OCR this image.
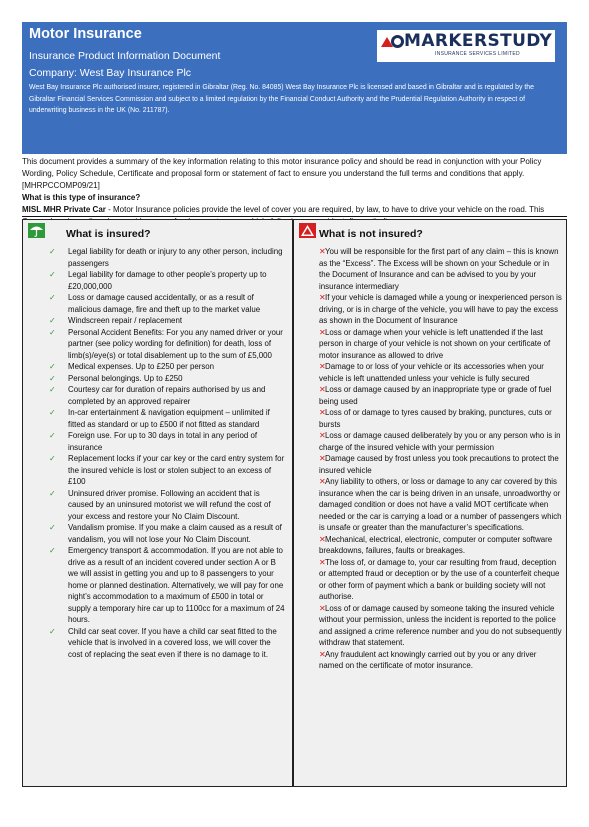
Motor Insurance
Insurance Product Information Document
Company: West Bay Insurance Plc
West Bay Insurance Plc authorised insurer, registered in Gibraltar (Reg. No. 84085) West Bay Insurance Plc is licensed and based in Gibraltar and is regulated by the Gibraltar Financial Services Commission and subject to a limited regulation by the Financial Conduct Authority and the Prudential Regulation Authority in respect of underwriting business in the UK (No. 211787).
MARKERSTUDY
INSURANCE SERVICES LIMITED

This document provides a summary of the key information relating to this motor insurance policy and should be read in conjunction with your Policy Wording, Policy Schedule, Certificate and proposal form or statement of fact to ensure you understand the full terms and conditions that apply. [MHRPCCOMP09/21]

What is this type of insurance?

MISL MHR Private Car - Motor Insurance policies provide the level of cover you are required, by law, to have to drive your vehicle on the road. This

What is insured?
✓ Legal liability for death or injury to any other person, including passengers
✓ Legal liability for damage to other people’s property up to £20,000,000
✓ Loss or damage caused accidentally, or as a result of malicious damage, fire and theft up to the market value
✓ Windscreen repair / replacement
✓ Personal Accident Benefits: For you any named driver or your partner (see policy wording for definition) for death, loss of limb(s)/eye(s) or total disablement up to the sum of £5,000
✓ Medical expenses. Up to £250 per person
✓ Personal belongings. Up to £250
✓ Courtesy car for duration of repairs authorised by us and completed by an approved repairer
✓ In-car entertainment & navigation equipment – unlimited if fitted as standard or up to £500 if not fitted as standard
✓ Foreign use. For up to 30 days in total in any period of insurance
✓ Replacement locks if your car key or the card entry system for the insured vehicle is lost or stolen subject to an excess of £100
✓ Uninsured driver promise. Following an accident that is caused by an uninsured motorist we will refund the cost of your excess and restore your No Claim Discount.
✓ Vandalism promise. If you make a claim caused as a result of vandalism, you will not lose your No Claim Discount.
✓ Emergency transport & accommodation. If you are not able to drive as a result of an incident covered under section A or B we will assist in getting you and up to 8 passengers to your home or planned destination. Alternatively, we will pay for one night’s accommodation to a maximum of £500 in total or supply a temporary hire car up to 1100cc for a maximum of 24 hours.
✓ Child car seat cover. If you have a child car seat fitted to the vehicle that is involved in a covered loss, we will cover the cost of replacing the seat even if there is no damage to it.
What is not insured?
✕ You will be responsible for the first part of any claim – this is known as the “Excess”. The Excess will be shown on your Schedule or in the Document of Insurance and can be advised to you by your insurance intermediary
✕ If your vehicle is damaged while a young or inexperienced person is driving, or is in charge of the vehicle, you will have to pay the excess as shown in the Document of Insurance
✕ Loss or damage when your vehicle is left unattended if the last person in charge of your vehicle is not shown on your certificate of motor insurance as allowed to drive
✕ Damage to or loss of your vehicle or its accessories when your vehicle is left unattended unless your vehicle is fully secured
✕ Loss or damage caused by an inappropriate type or grade of fuel being used
✕ Loss of or damage to tyres caused by braking, punctures, cuts or bursts
✕ Loss or damage caused deliberately by you or any person who is in charge of the insured vehicle with your permission
✕ Damage caused by frost unless you took precautions to protect the insured vehicle
✕ Any liability to others, or loss or damage to any car covered by this insurance when the car is being driven in an unsafe, unroadworthy or damaged condition or does not have a valid MOT certificate when needed or the car is carrying a load or a number of passengers which is unsafe or greater than the manufacturer’s specifications.
✕ Mechanical, electrical, electronic, computer or computer software breakdowns, failures, faults or breakages.
✕ The loss of, or damage to, your car resulting from fraud, deception or attempted fraud or deception or by the use of a counterfeit cheque or other form of payment which a bank or building society will not authorise.
✕ Loss of or damage caused by someone taking the insured vehicle without your permission, unless the incident is reported to the police and assigned a crime reference number and you do not subsequently withdraw that statement.
✕ Any fraudulent act knowingly carried out by you or any driver named on the certificate of motor insurance.
